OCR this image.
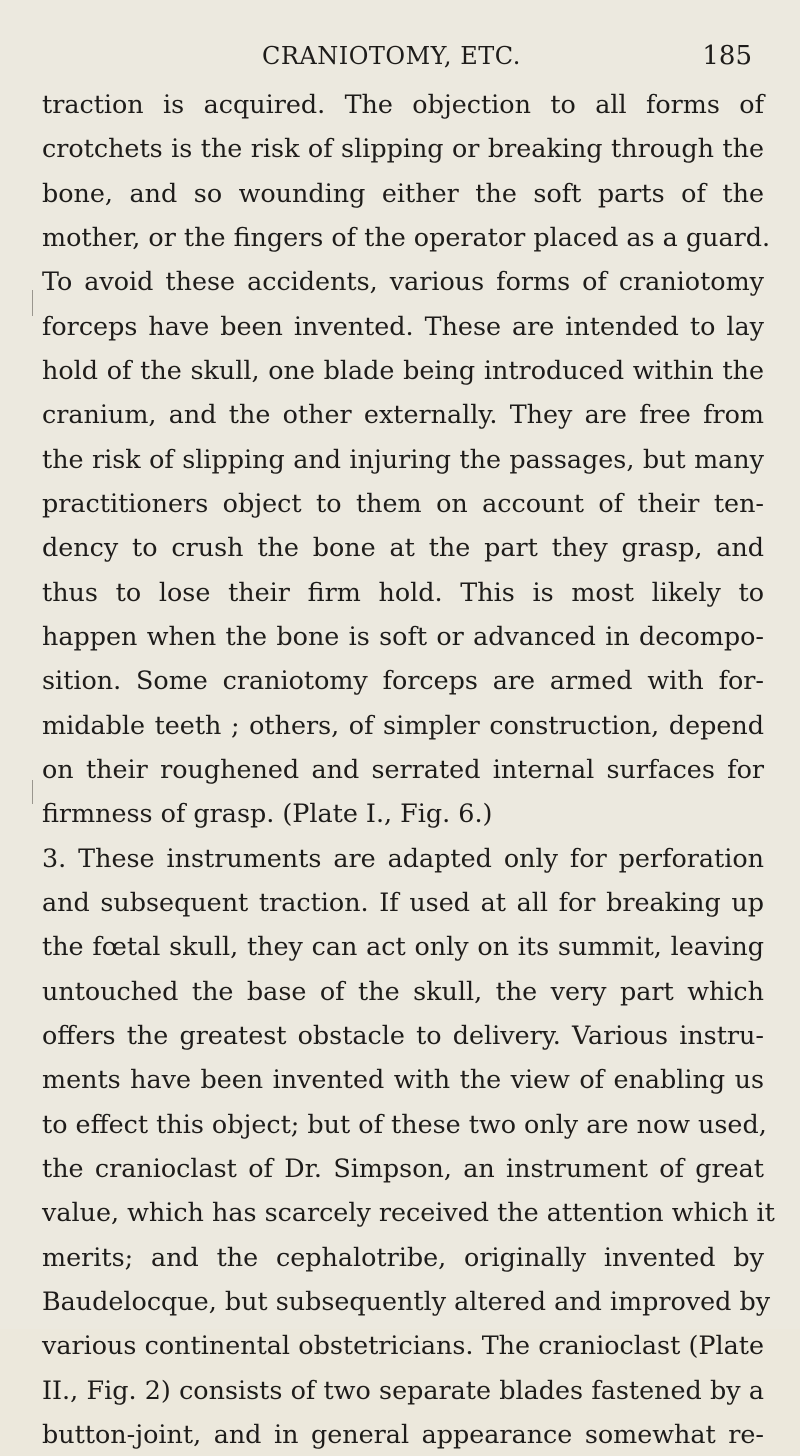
CRANIOTOMY, ETC.	185
traction is acquired. The objection to all forms of
crotchets is the risk of slipping or breaking through the
bone, and so wounding either the soft parts of the
mother, or the fingers of the operator placed as a guard.
To avoid these accidents, various forms of craniotomy
forceps have been invented. These are intended to lay
hold of the skull, one blade being introduced within the
cranium, and the other externally. They are free from
the risk of slipping and injuring the passages, but many
practitioners object to them on account of their ten-
dency to crush the bone at the part they grasp, and
thus to lose their firm hold. This is most likely to
happen when the bone is soft or advanced in decompo-
sition. Some craniotomy forceps are armed with for-
midable teeth ; others, of simpler construction, depend
on their roughened and serrated internal surfaces for
firmness of grasp. (Plate I., Fig. 6.)
3. These instruments are adapted only for perforation
and subsequent traction. If used at all for breaking up
the fœtal skull, they can act only on its summit, leaving
untouched the base of the skull, the very part which
offers the greatest obstacle to delivery. Various instru-
ments have been invented with the view of enabling us
to effect this object; but of these two only are now used,
the cranioclast of Dr. Simpson, an instrument of great
value, which has scarcely received the attention which it
merits; and the cephalotribe, originally invented by
Baudelocque, but subsequently altered and improved by
various continental obstetricians. The cranioclast (Plate
II., Fig. 2) consists of two separate blades fastened by a
button-joint, and in general appearance somewhat re-
